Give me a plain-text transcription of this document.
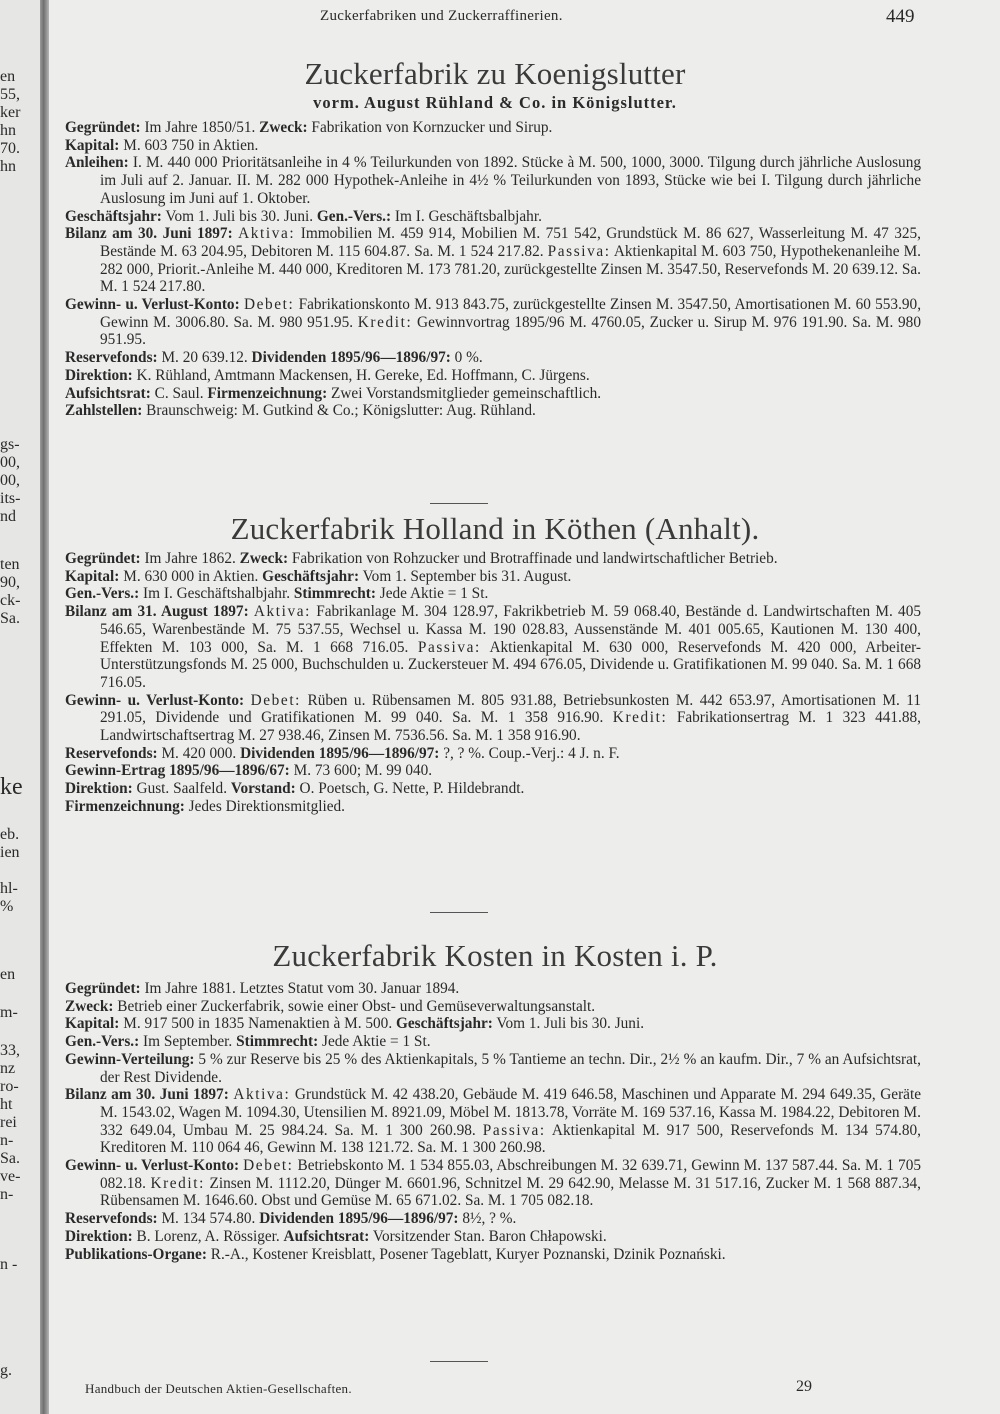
en
55,
ker
hn
70.
hn
gs-
00,
00,
its-
nd
ten
90,
ck-
Sa.
ke
eb.
ien
hl-
%
en
m-
33,
nz
ro-
ht
rei
n-
Sa.
ve-
n-
n -
g.
Zuckerfabriken und Zuckerraffinerien.	449
Zuckerfabrik zu Koenigslutter
vorm. August Rühland & Co. in Königslutter.

Gegründet: Im Jahre 1850/51. Zweck: Fabrikation von Kornzucker und Sirup.

Kapital: M. 603 750 in Aktien.

Anleihen: I. M. 440 000 Prioritätsanleihe in 4 % Teilurkunden von 1892. Stücke à M. 500, 1000, 3000. Tilgung durch jährliche Auslosung im Juli auf 2. Januar. II. M. 282 000 Hypothek-Anleihe in 4½ % Teilurkunden von 1893, Stücke wie bei I. Tilgung durch jährliche Auslosung im Juni auf 1. Oktober.

Geschäftsjahr: Vom 1. Juli bis 30. Juni. Gen.-Vers.: Im I. Geschäftsbalbjahr.

Bilanz am 30. Juni 1897: Aktiva: Immobilien M. 459 914, Mobilien M. 751 542, Grundstück M. 86 627, Wasserleitung M. 47 325, Bestände M. 63 204.95, Debitoren M. 115 604.87. Sa. M. 1 524 217.82. Passiva: Aktienkapital M. 603 750, Hypothekenanleihe M. 282 000, Priorit.-Anleihe M. 440 000, Kreditoren M. 173 781.20, zurückgestellte Zinsen M. 3547.50, Reservefonds M. 20 639.12. Sa. M. 1 524 217.80.

Gewinn- u. Verlust-Konto: Debet: Fabrikationskonto M. 913 843.75, zurückgestellte Zinsen M. 3547.50, Amortisationen M. 60 553.90, Gewinn M. 3006.80. Sa. M. 980 951.95. Kredit: Gewinnvortrag 1895/96 M. 4760.05, Zucker u. Sirup M. 976 191.90. Sa. M. 980 951.95.

Reservefonds: M. 20 639.12. Dividenden 1895/96—1896/97: 0 %.

Direktion: K. Rühland, Amtmann Mackensen, H. Gereke, Ed. Hoffmann, C. Jürgens.

Aufsichtsrat: C. Saul. Firmenzeichnung: Zwei Vorstandsmitglieder gemeinschaftlich.

Zahlstellen: Braunschweig: M. Gutkind & Co.; Königslutter: Aug. Rühland.

Zuckerfabrik Holland in Köthen (Anhalt).

Gegründet: Im Jahre 1862. Zweck: Fabrikation von Rohzucker und Brotraffinade und landwirtschaftlicher Betrieb.

Kapital: M. 630 000 in Aktien. Geschäftsjahr: Vom 1. September bis 31. August.

Gen.-Vers.: Im I. Geschäftshalbjahr. Stimmrecht: Jede Aktie = 1 St.

Bilanz am 31. August 1897: Aktiva: Fabrikanlage M. 304 128.97, Fakrikbetrieb M. 59 068.40, Bestände d. Landwirtschaften M. 405 546.65, Warenbestände M. 75 537.55, Wechsel u. Kassa M. 190 028.83, Aussenstände M. 401 005.65, Kautionen M. 130 400, Effekten M. 103 000, Sa. M. 1 668 716.05. Passiva: Aktienkapital M. 630 000, Reservefonds M. 420 000, Arbeiter-Unterstützungsfonds M. 25 000, Buchschulden u. Zuckersteuer M. 494 676.05, Dividende u. Gratifikationen M. 99 040. Sa. M. 1 668 716.05.

Gewinn- u. Verlust-Konto: Debet: Rüben u. Rübensamen M. 805 931.88, Betriebsunkosten M. 442 653.97, Amortisationen M. 11 291.05, Dividende und Gratifikationen M. 99 040. Sa. M. 1 358 916.90. Kredit: Fabrikationsertrag M. 1 323 441.88, Landwirtschaftsertrag M. 27 938.46, Zinsen M. 7536.56. Sa. M. 1 358 916.90.

Reservefonds: M. 420 000. Dividenden 1895/96—1896/97: ?, ? %. Coup.-Verj.: 4 J. n. F.

Gewinn-Ertrag 1895/96—1896/67: M. 73 600; M. 99 040.

Direktion: Gust. Saalfeld. Vorstand: O. Poetsch, G. Nette, P. Hildebrandt.

Firmenzeichnung: Jedes Direktionsmitglied.

Zuckerfabrik Kosten in Kosten i. P.

Gegründet: Im Jahre 1881. Letztes Statut vom 30. Januar 1894.

Zweck: Betrieb einer Zuckerfabrik, sowie einer Obst- und Gemüseverwaltungsanstalt.

Kapital: M. 917 500 in 1835 Namenaktien à M. 500. Geschäftsjahr: Vom 1. Juli bis 30. Juni.

Gen.-Vers.: Im September. Stimmrecht: Jede Aktie = 1 St.

Gewinn-Verteilung: 5 % zur Reserve bis 25 % des Aktienkapitals, 5 % Tantieme an techn. Dir., 2½ % an kaufm. Dir., 7 % an Aufsichtsrat, der Rest Dividende.

Bilanz am 30. Juni 1897: Aktiva: Grundstück M. 42 438.20, Gebäude M. 419 646.58, Maschinen und Apparate M. 294 649.35, Geräte M. 1543.02, Wagen M. 1094.30, Utensilien M. 8921.09, Möbel M. 1813.78, Vorräte M. 169 537.16, Kassa M. 1984.22, Debitoren M. 332 649.04, Umbau M. 25 984.24. Sa. M. 1 300 260.98. Passiva: Aktienkapital M. 917 500, Reservefonds M. 134 574.80, Kreditoren M. 110 064 46, Gewinn M. 138 121.72. Sa. M. 1 300 260.98.

Gewinn- u. Verlust-Konto: Debet: Betriebskonto M. 1 534 855.03, Abschreibungen M. 32 639.71, Gewinn M. 137 587.44. Sa. M. 1 705 082.18. Kredit: Zinsen M. 1112.20, Dünger M. 6601.96, Schnitzel M. 29 642.90, Melasse M. 31 517.16, Zucker M. 1 568 887.34, Rübensamen M. 1646.60. Obst und Gemüse M. 65 671.02. Sa. M. 1 705 082.18.

Reservefonds: M. 134 574.80. Dividenden 1895/96—1896/97: 8½, ? %.

Direktion: B. Lorenz, A. Rössiger. Aufsichtsrat: Vorsitzender Stan. Baron Chłapowski.

Publikations-Organe: R.-A., Kostener Kreisblatt, Posener Tageblatt, Kuryer Poznanski, Dzinik Poznański.

Handbuch der Deutschen Aktien-Gesellschaften.	29
